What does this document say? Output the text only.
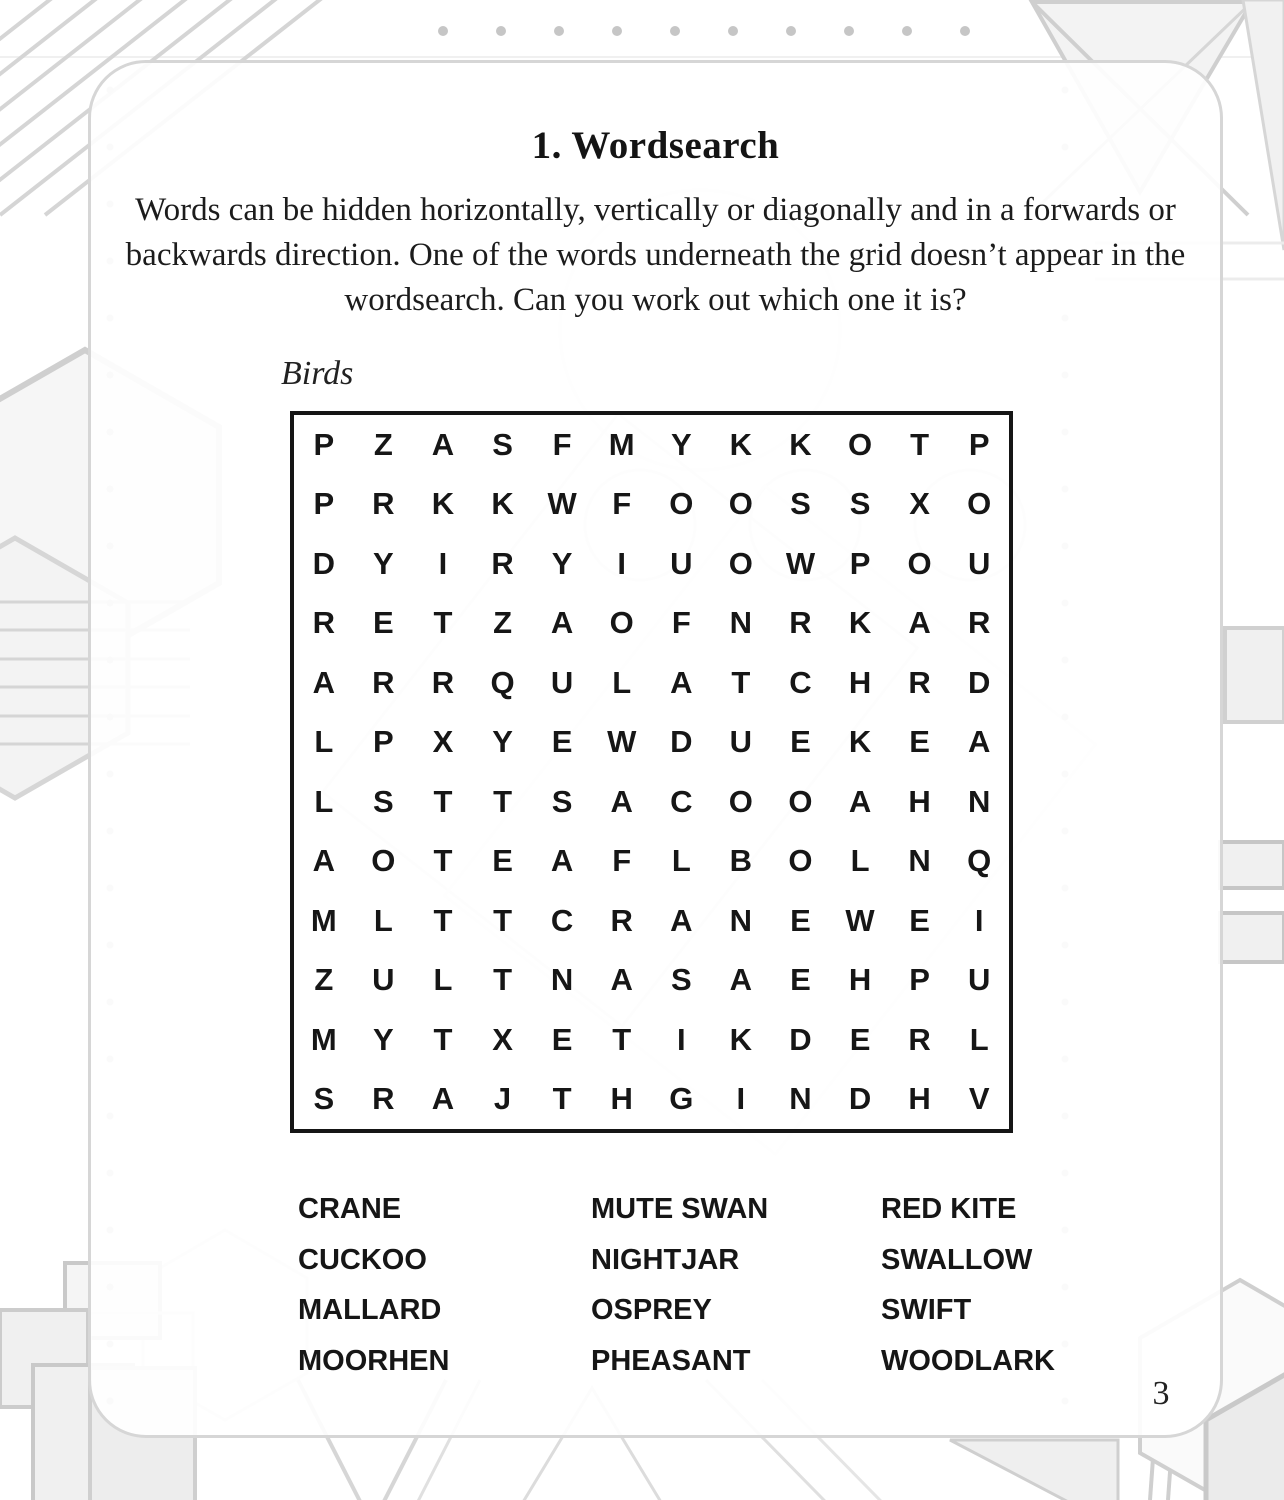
1. Wordsearch

Words can be hidden horizontally, vertically or diagonally and in a forwards or backwards direction. One of the words underneath the grid doesn’t appear in the wordsearch. Can you work out which one it is?

Birds
P	Z	A	S	F	M	Y	K	K	O	T	P
P	R	K	K	W	F	O	O	S	S	X	O
D	Y	I	R	Y	I	U	O	W	P	O	U
R	E	T	Z	A	O	F	N	R	K	A	R
A	R	R	Q	U	L	A	T	C	H	R	D
L	P	X	Y	E	W	D	U	E	K	E	A
L	S	T	T	S	A	C	O	O	A	H	N
A	O	T	E	A	F	L	B	O	L	N	Q
M	L	T	T	C	R	A	N	E	W	E	I
Z	U	L	T	N	A	S	A	E	H	P	U
M	Y	T	X	E	T	I	K	D	E	R	L
S	R	A	J	T	H	G	I	N	D	H	V
CRANE
CUCKOO
MALLARD
MOORHEN
MUTE SWAN
NIGHTJAR
OSPREY
PHEASANT
RED KITE
SWALLOW
SWIFT
WOODLARK
3
